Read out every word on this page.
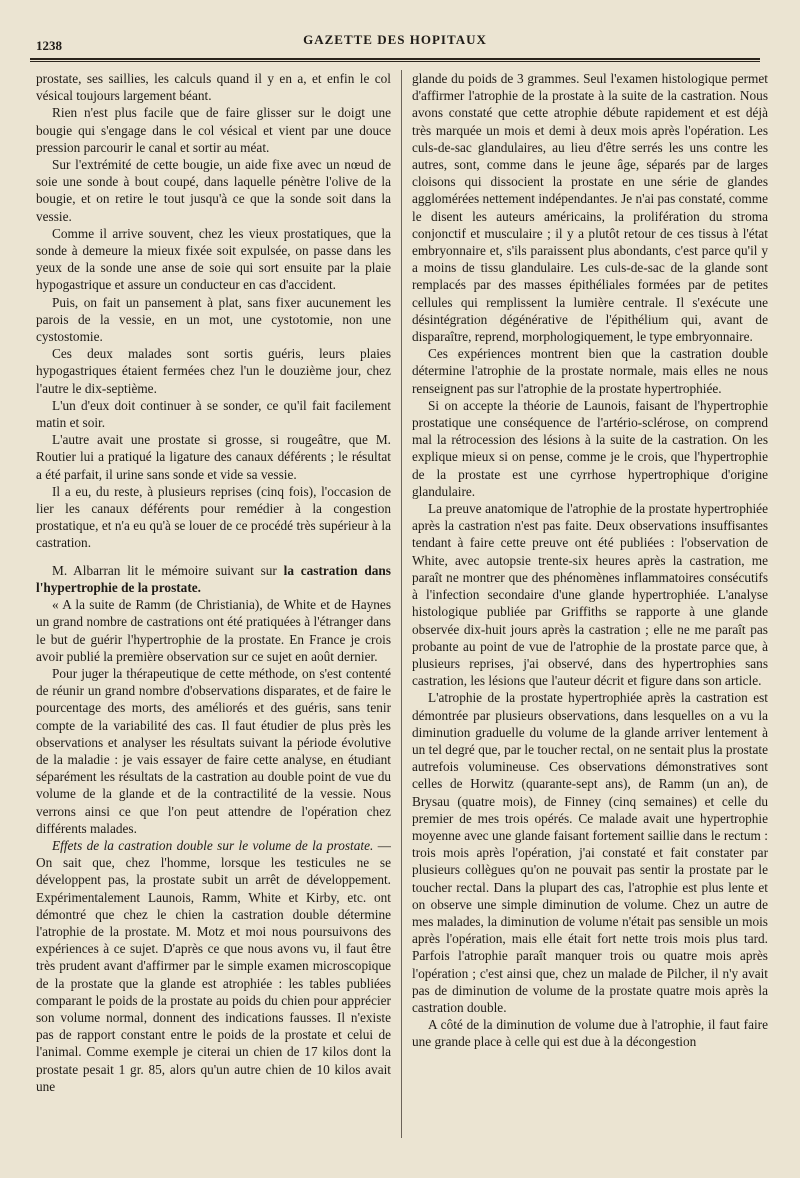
1238	GAZETTE DES HOPITAUX

prostate, ses saillies, les calculs quand il y en a, et enfin le col vésical toujours largement béant.

Rien n'est plus facile que de faire glisser sur le doigt une bougie qui s'engage dans le col vésical et vient par une douce pression parcourir le canal et sortir au méat.

Sur l'extrémité de cette bougie, un aide fixe avec un nœud de soie une sonde à bout coupé, dans laquelle pénètre l'olive de la bougie, et on retire le tout jusqu'à ce que la sonde soit dans la vessie.

Comme il arrive souvent, chez les vieux prostatiques, que la sonde à demeure la mieux fixée soit expulsée, on passe dans les yeux de la sonde une anse de soie qui sort ensuite par la plaie hypogastrique et assure un conducteur en cas d'accident.

Puis, on fait un pansement à plat, sans fixer aucunement les parois de la vessie, en un mot, une cystotomie, non une cystostomie.

Ces deux malades sont sortis guéris, leurs plaies hypogastriques étaient fermées chez l'un le douzième jour, chez l'autre le dix-septième.

L'un d'eux doit continuer à se sonder, ce qu'il fait facilement matin et soir.

L'autre avait une prostate si grosse, si rougeâtre, que M. Routier lui a pratiqué la ligature des canaux déférents ; le résultat a été parfait, il urine sans sonde et vide sa vessie.

Il a eu, du reste, à plusieurs reprises (cinq fois), l'occasion de lier les canaux déférents pour remédier à la congestion prostatique, et n'a eu qu'à se louer de ce procédé très supérieur à la castration.

M. Albarran lit le mémoire suivant sur la castration dans l'hypertrophie de la prostate.

« A la suite de Ramm (de Christiania), de White et de Haynes un grand nombre de castrations ont été pratiquées à l'étranger dans le but de guérir l'hypertrophie de la prostate. En France je crois avoir publié la première observation sur ce sujet en août dernier.

Pour juger la thérapeutique de cette méthode, on s'est contenté de réunir un grand nombre d'observations disparates, et de faire le pourcentage des morts, des améliorés et des guéris, sans tenir compte de la variabilité des cas. Il faut étudier de plus près les observations et analyser les résultats suivant la période évolutive de la maladie : je vais essayer de faire cette analyse, en étudiant séparément les résultats de la castration au double point de vue du volume de la glande et de la contractilité de la vessie. Nous verrons ainsi ce que l'on peut attendre de l'opération chez différents malades.

Effets de la castration double sur le volume de la prostate. — On sait que, chez l'homme, lorsque les testicules ne se développent pas, la prostate subit un arrêt de développement. Expérimentalement Launois, Ramm, White et Kirby, etc. ont démontré que chez le chien la castration double détermine l'atrophie de la prostate. M. Motz et moi nous poursuivons des expériences à ce sujet. D'après ce que nous avons vu, il faut être très prudent avant d'affirmer par le simple examen microscopique de la prostate que la glande est atrophiée : les tables publiées comparant le poids de la prostate au poids du chien pour apprécier son volume normal, donnent des indications fausses. Il n'existe pas de rapport constant entre le poids de la prostate et celui de l'animal. Comme exemple je citerai un chien de 17 kilos dont la prostate pesait 1 gr. 85, alors qu'un autre chien de 10 kilos avait une

glande du poids de 3 grammes. Seul l'examen histologique permet d'affirmer l'atrophie de la prostate à la suite de la castration. Nous avons constaté que cette atrophie débute rapidement et est déjà très marquée un mois et demi à deux mois après l'opération. Les culs-de-sac glandulaires, au lieu d'être serrés les uns contre les autres, sont, comme dans le jeune âge, séparés par de larges cloisons qui dissocient la prostate en une série de glandes agglomérées nettement indépendantes. Je n'ai pas constaté, comme le disent les auteurs américains, la prolifération du stroma conjonctif et musculaire ; il y a plutôt retour de ces tissus à l'état embryonnaire et, s'ils paraissent plus abondants, c'est parce qu'il y a moins de tissu glandulaire. Les culs-de-sac de la glande sont remplacés par des masses épithéliales formées par de petites cellules qui remplissent la lumière centrale. Il s'exécute une désintégration dégénérative de l'épithélium qui, avant de disparaître, reprend, morphologiquement, le type embryonnaire.

Ces expériences montrent bien que la castration double détermine l'atrophie de la prostate normale, mais elles ne nous renseignent pas sur l'atrophie de la prostate hypertrophiée.

Si on accepte la théorie de Launois, faisant de l'hypertrophie prostatique une conséquence de l'artério-sclérose, on comprend mal la rétrocession des lésions à la suite de la castration. On les explique mieux si on pense, comme je le crois, que l'hypertrophie de la prostate est une cyrrhose hypertrophique d'origine glandulaire.

La preuve anatomique de l'atrophie de la prostate hypertrophiée après la castration n'est pas faite. Deux observations insuffisantes tendant à faire cette preuve ont été publiées : l'observation de White, avec autopsie trente-six heures après la castration, me paraît ne montrer que des phénomènes inflammatoires consécutifs à l'infection secondaire d'une glande hypertrophiée. L'analyse histologique publiée par Griffiths se rapporte à une glande observée dix-huit jours après la castration ; elle ne me paraît pas probante au point de vue de l'atrophie de la prostate parce que, à plusieurs reprises, j'ai observé, dans des hypertrophies sans castration, les lésions que l'auteur décrit et figure dans son article.

L'atrophie de la prostate hypertrophiée après la castration est démontrée par plusieurs observations, dans lesquelles on a vu la diminution graduelle du volume de la glande arriver lentement à un tel degré que, par le toucher rectal, on ne sentait plus la prostate autrefois volumineuse. Ces observations démonstratives sont celles de Horwitz (quarante-sept ans), de Ramm (un an), de Brysau (quatre mois), de Finney (cinq semaines) et celle du premier de mes trois opérés. Ce malade avait une hypertrophie moyenne avec une glande faisant fortement saillie dans le rectum : trois mois après l'opération, j'ai constaté et fait constater par plusieurs collègues qu'on ne pouvait pas sentir la prostate par le toucher rectal. Dans la plupart des cas, l'atrophie est plus lente et on observe une simple diminution de volume. Chez un autre de mes malades, la diminution de volume n'était pas sensible un mois après l'opération, mais elle était fort nette trois mois plus tard. Parfois l'atrophie paraît manquer trois ou quatre mois après l'opération ; c'est ainsi que, chez un malade de Pilcher, il n'y avait pas de diminution de volume de la prostate quatre mois après la castration double.

A côté de la diminution de volume due à l'atrophie, il faut faire une grande place à celle qui est due à la décongestion
